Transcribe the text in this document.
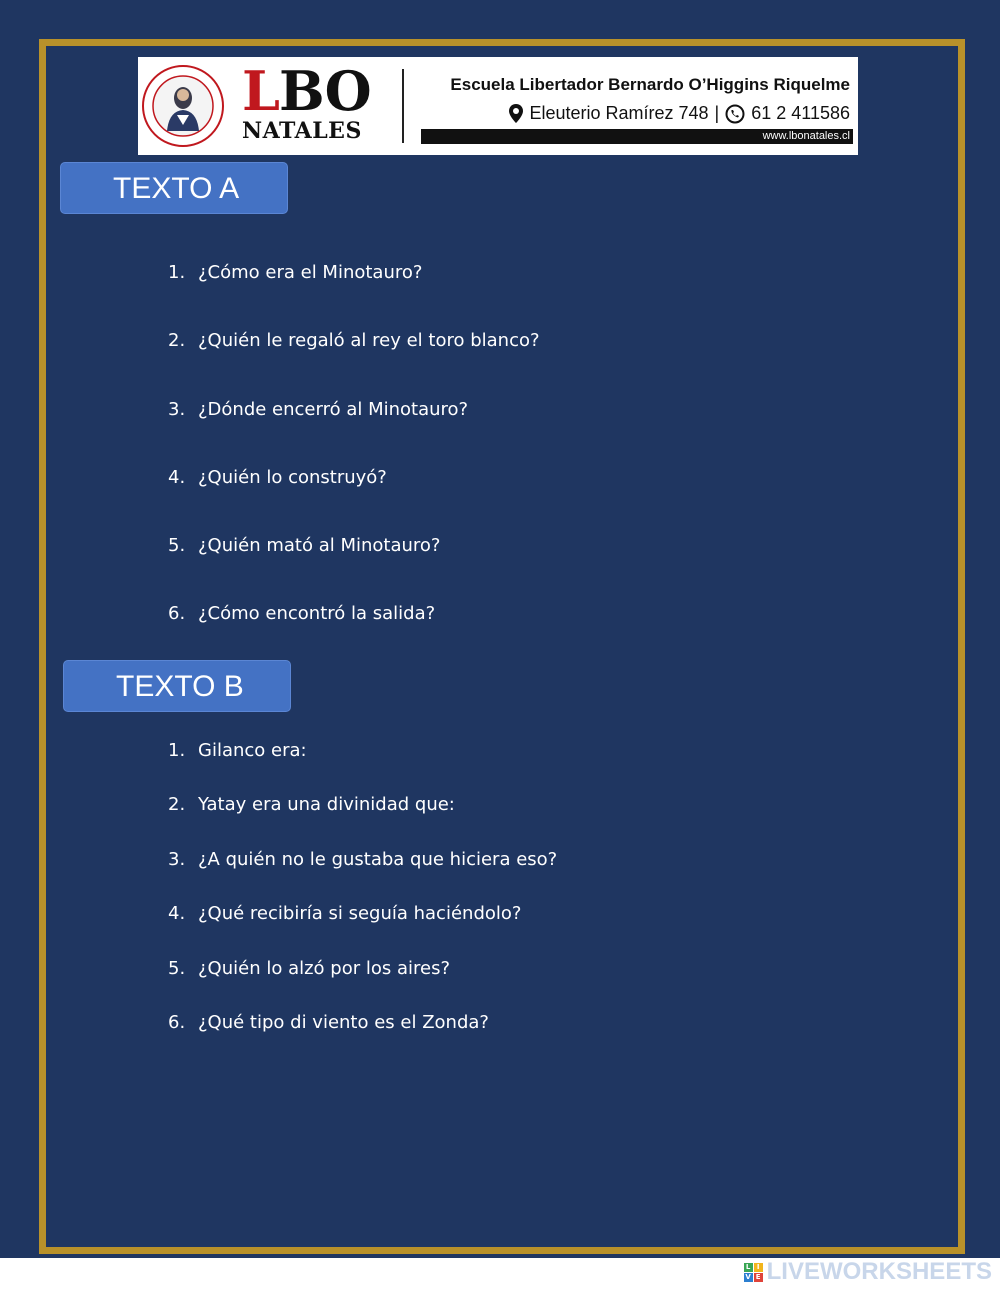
LBO
NATALES
Escuela Libertador Bernardo O’Higgins Riquelme
Eleuterio Ramírez 748 | 61 2 411586
www.lbonatales.cl
TEXTO A
1. ¿Cómo era el Minotauro?
2. ¿Quién le regaló al rey el toro blanco?
3. ¿Dónde encerró al Minotauro?
4. ¿Quién lo construyó?
5. ¿Quién mató al Minotauro?
6. ¿Cómo encontró la salida?
TEXTO B
1. Gilanco era:
2. Yatay era una divinidad que:
3. ¿A quién no le gustaba que hiciera eso?
4. ¿Qué recibiría si seguía haciéndolo?
5. ¿Quién lo alzó por los aires?
6. ¿Qué tipo di viento es el Zonda?
L I
V E LIVEWORKSHEETS
